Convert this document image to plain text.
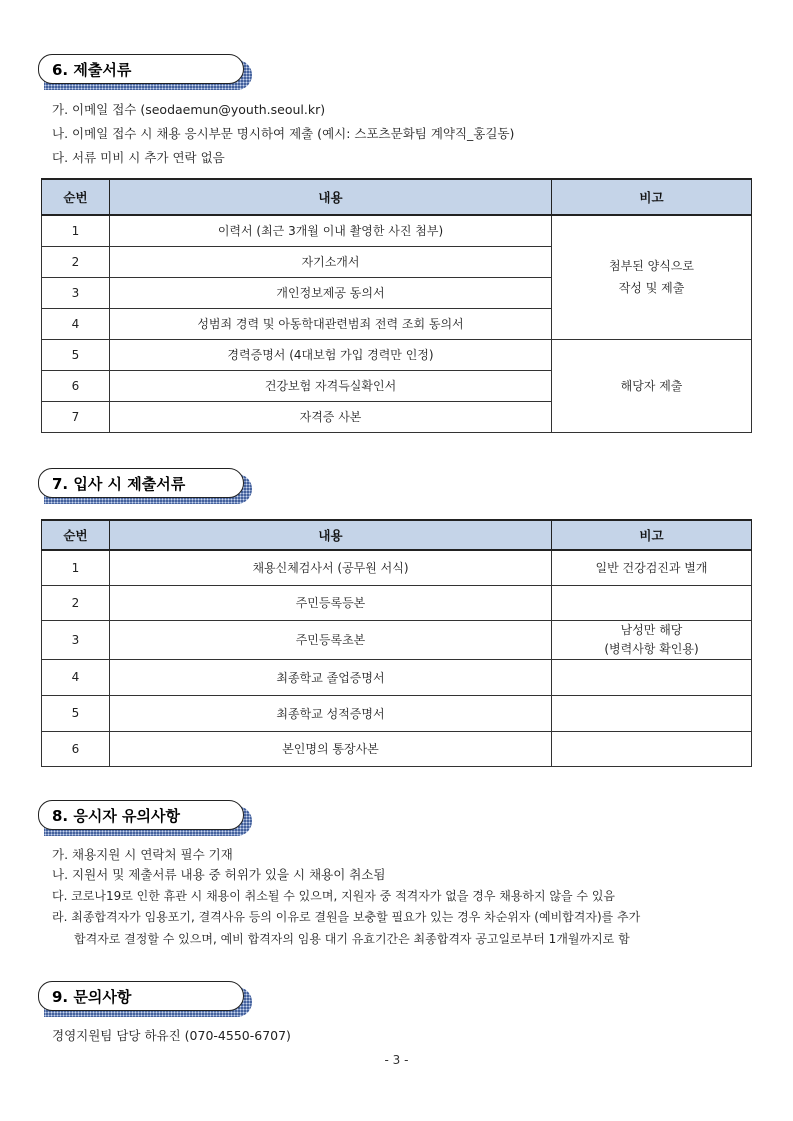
6. 제출서류
가. 이메일 접수 (seodaemun@youth.seoul.kr)
나. 이메일 접수 시 채용 응시부문 명시하여 제출 (예시: 스포츠문화팀 계약직_홍길동)
다. 서류 미비 시 추가 연락 없음
순번	내용	비고
1	이력서 (최근 3개월 이내 촬영한 사진 첨부)	첨부된 양식으로
작성 및 제출

2	자기소개서	
3	개인정보제공 동의서	
4	성범죄 경력 및 아동학대관련범죄 전력 조회 동의서	
5	경력증명서 (4대보험 가입 경력만 인정)	해당자 제출
6	건강보험 자격득실확인서	
7	자격증 사본	
7. 입사 시 제출서류
순번	내용	비고
1	채용신체검사서 (공무원 서식)	일반 건강검진과 별개
2	주민등록등본	
3	주민등록초본	남성만 해당
(병력사항 확인용)

4	최종학교 졸업증명서	
5	최종학교 성적증명서	
6	본인명의 통장사본	
8. 응시자 유의사항
가. 채용지원 시 연락처 필수 기재
나. 지원서 및 제출서류 내용 중 허위가 있을 시 채용이 취소됨
다. 코로나19로 인한 휴관 시 채용이 취소될 수 있으며, 지원자 중 적격자가 없을 경우 채용하지 않을 수 있음
라. 최종합격자가 임용포기, 결격사유 등의 이유로 결원을 보충할 필요가 있는 경우 차순위자 (예비합격자)를 추가
합격자로 결정할 수 있으며, 예비 합격자의 임용 대기 유효기간은 최종합격자 공고일로부터 1개월까지로 함
9. 문의사항
경영지원팀 담당 하유진 (070-4550-6707)
- 3 -
